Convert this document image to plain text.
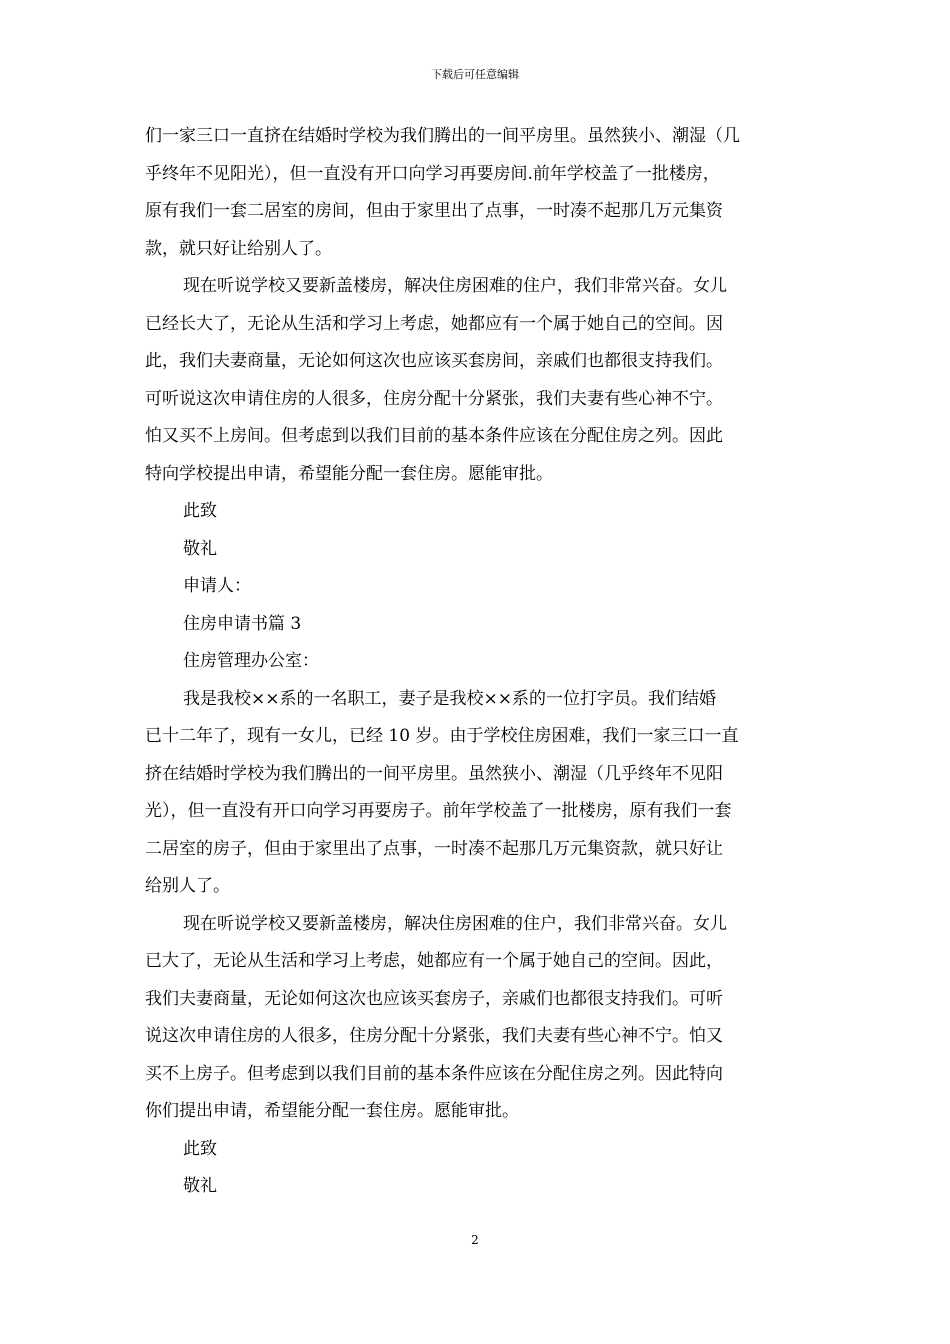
下载后可任意编辑
们一家三口一直挤在结婚时学校为我们腾出的一间平房里。虽然狭小、潮湿（几
乎终年不见阳光），但一直没有开口向学习再要房间.前年学校盖了一批楼房，
原有我们一套二居室的房间，但由于家里出了点事，一时凑不起那几万元集资
款，就只好让给别人了。
现在听说学校又要新盖楼房，解决住房困难的住户，我们非常兴奋。女儿
已经长大了，无论从生活和学习上考虑，她都应有一个属于她自己的空间。因
此，我们夫妻商量，无论如何这次也应该买套房间，亲戚们也都很支持我们。
可听说这次申请住房的人很多，住房分配十分紧张，我们夫妻有些心神不宁。
怕又买不上房间。但考虑到以我们目前的基本条件应该在分配住房之列。因此
特向学校提出申请，希望能分配一套住房。愿能审批。
此致
敬礼
申请人：
住房申请书篇 3
住房管理办公室：
我是我校××系的一名职工，妻子是我校××系的一位打字员。我们结婚
已十二年了，现有一女儿，已经 10 岁。由于学校住房困难，我们一家三口一直
挤在结婚时学校为我们腾出的一间平房里。虽然狭小、潮湿（几乎终年不见阳
光），但一直没有开口向学习再要房子。前年学校盖了一批楼房，原有我们一套
二居室的房子，但由于家里出了点事，一时凑不起那几万元集资款，就只好让
给别人了。
现在听说学校又要新盖楼房，解决住房困难的住户，我们非常兴奋。女儿
已大了，无论从生活和学习上考虑，她都应有一个属于她自己的空间。因此，
我们夫妻商量，无论如何这次也应该买套房子，亲戚们也都很支持我们。可听
说这次申请住房的人很多，住房分配十分紧张，我们夫妻有些心神不宁。怕又
买不上房子。但考虑到以我们目前的基本条件应该在分配住房之列。因此特向
你们提出申请，希望能分配一套住房。愿能审批。
此致
敬礼
2
